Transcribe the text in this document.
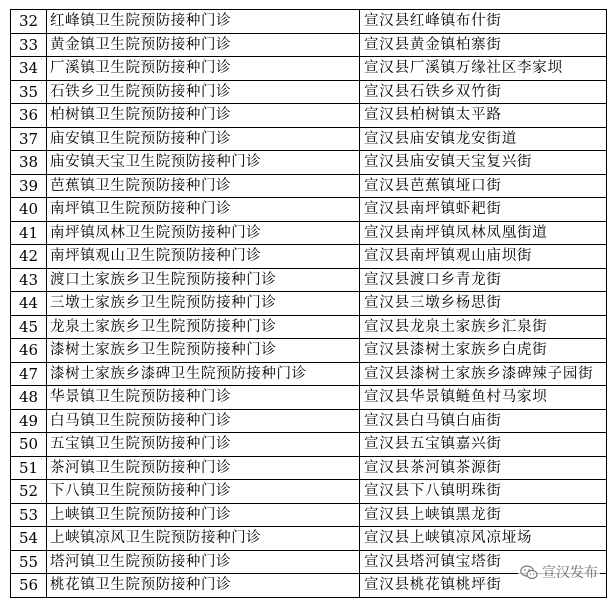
32	红峰镇卫生院预防接种门诊	宣汉县红峰镇布什街
33	黄金镇卫生院预防接种门诊	宣汉县黄金镇柏寨街
34	厂溪镇卫生院预防接种门诊	宣汉县厂溪镇万缘社区李家坝
35	石铁乡卫生院预防接种门诊	宣汉县石铁乡双竹街
36	柏树镇卫生院预防接种门诊	宣汉县柏树镇太平路
37	庙安镇卫生院预防接种门诊	宣汉县庙安镇龙安街道
38	庙安镇天宝卫生院预防接种门诊	宣汉县庙安镇天宝复兴街
39	芭蕉镇卫生院预防接种门诊	宣汉县芭蕉镇垭口街
40	南坪镇卫生院预防接种门诊	宣汉县南坪镇虾耙街
41	南坪镇凤林卫生院预防接种门诊	宣汉县南坪镇凤林凤凰街道
42	南坪镇观山卫生院预防接种门诊	宣汉县南坪镇观山庙坝街
43	渡口土家族乡卫生院预防接种门诊	宣汉县渡口乡青龙街
44	三墩土家族乡卫生院预防接种门诊	宣汉县三墩乡杨思街
45	龙泉土家族乡卫生院预防接种门诊	宣汉县龙泉土家族乡汇泉街
46	漆树土家族乡卫生院预防接种门诊	宣汉县漆树土家族乡白虎街
47	漆树土家族乡漆碑卫生院预防接种门诊	宣汉县漆树土家族乡漆碑辣子园街
48	华景镇卫生院预防接种门诊	宣汉县华景镇鲢鱼村马家坝
49	白马镇卫生院预防接种门诊	宣汉县白马镇白庙街
50	五宝镇卫生院预防接种门诊	宣汉县五宝镇嘉兴街
51	茶河镇卫生院预防接种门诊	宣汉县茶河镇茶源街
52	下八镇卫生院预防接种门诊	宣汉县下八镇明珠街
53	上峡镇卫生院预防接种门诊	宣汉县上峡镇黑龙街
54	上峡镇凉风卫生院预防接种门诊	宣汉县上峡镇凉风凉垭场
55	塔河镇卫生院预防接种门诊	宣汉县塔河镇宝塔街
56	桃花镇卫生院预防接种门诊	宣汉县桃花镇桃坪街
宣汉发布
